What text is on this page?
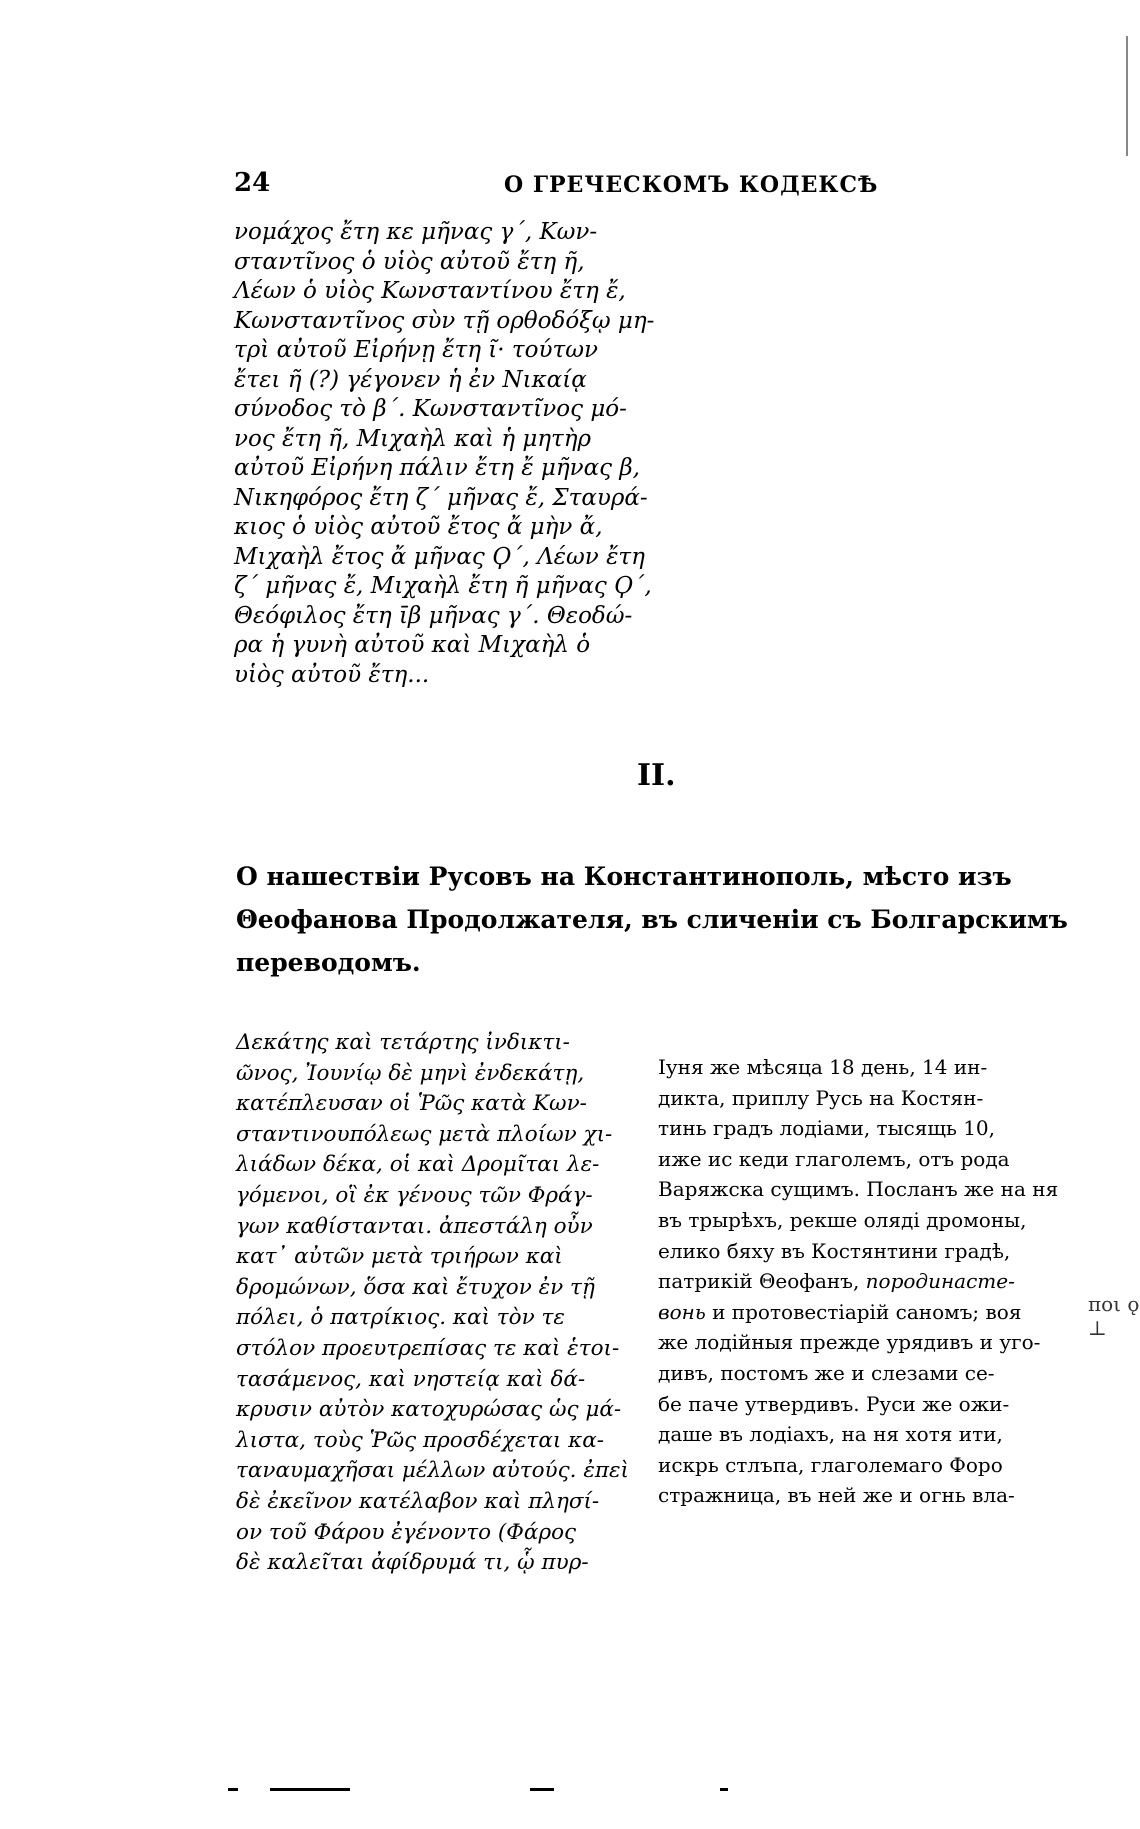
24	О ГРЕЧЕСКОМЪ КОДЕКСѢ
νομάχος ἔτη κε μῆνας γ΄, Κων-
σταντῖνος ὁ υἱὸς αὐτοῦ ἔτη ῆ,
Λέων ὁ υἱὸς Κωνσταντίνου ἔτη ἔ,
Κωνσταντῖνος σὺν τῇ ορθοδόξῳ μη-
τρὶ αὐτοῦ Εἰρήνῃ ἔτη ῖ· τούτων
ἔτει ῆ (?) γέγονεν ἡ ἐν Νικαίᾳ
σύνοδος τὸ β΄. Κωνσταντῖνος μό-
νος ἔτη ῆ, Μιχαὴλ καὶ ἡ μητὴρ
αὐτοῦ Εἰρήνη πάλιν ἔτη ἔ μῆνας β,
Νικηφόρος ἔτη ζ΄ μῆνας ἔ, Σταυρά-
κιος ὁ υἱὸς αὐτοῦ ἔτος ἄ μὴν ἄ,
Μιχαὴλ ἔτος ἄ μῆνας Ϙ΄, Λέων ἔτη
ζ΄ μῆνας ἔ, Μιχαὴλ ἔτη ῆ μῆνας Ϙ΄,
Θεόφιλος ἔτη ῑβ μῆνας γ΄. Θεοδώ-
ρα ἡ γυνὴ αὐτοῦ καὶ Μιχαὴλ ὁ
υἱὸς αὐτοῦ ἔτη...
II.
О нашествіи Русовъ на Константинополь, мѣсто изъ
Θеофанова Продолжателя, въ сличеніи съ Болгарскимъ
переводомъ.
Δεκάτης καὶ τετάρτης ἰνδικτι-
ῶνος, Ἰουνίῳ δὲ μηνὶ ἐνδεκάτῃ,
κατέπλευσαν οἱ Ῥῶς κατὰ Κων-
σταντινουπόλεως μετὰ πλοίων χι-
λιάδων δέκα, οἱ καὶ Δρομῖται λε-
γόμενοι, οἳ ἐκ γένους τῶν Φράγ-
γων καθίστανται. ἀπεστάλη οὖν
κατ᾽ αὐτῶν μετὰ τριήρων καὶ
δρομώνων, ὅσα καὶ ἔτυχον ἐν τῇ
πόλει, ὁ πατρίκιος. καὶ τὸν τε
στόλον προευτρεπίσας τε καὶ ἑτοι-
τασάμενος, καὶ νηστείᾳ καὶ δά-
κρυσιν αὐτὸν κατοχυρώσας ὡς μά-
λιστα, τοὺς Ῥῶς προσδέχεται κα-
ταναυμαχῆσαι μέλλων αὐτούς. ἐπεὶ
δὲ ἐκεῖνον κατέλαβον καὶ πλησί-
ον τοῦ Φάρου ἐγένοντο (Φάρος
δὲ καλεῖται ἀφίδρυμά τι, ᾧ πυρ-
Іуня же мѣсяца 18 день, 14 ин-
дикта, приплу Русь на Костян-
тинь градъ лодіами, тысящь 10,
иже ис кеди глаголемъ, отъ рода
Варяжска сущимъ. Посланъ же на ня
въ трырѣхъ, рекше олядi дромоны,
елико бяху въ Костянтини градѣ,
патрикій Θеофанъ, породинасте-
вонь и протовестіарій саномъ; воя
же лодійныя прежде урядивъ и уго-
дивъ, постомъ же и слезами се-
бе паче утвердивъ. Руси же ожи-
даше въ лодіахъ, на ня хотя ити,
искрь стлъпа, глаголемаго Форо
стражница, въ ней же и огнь вла-
ποι ǫ ⊥
